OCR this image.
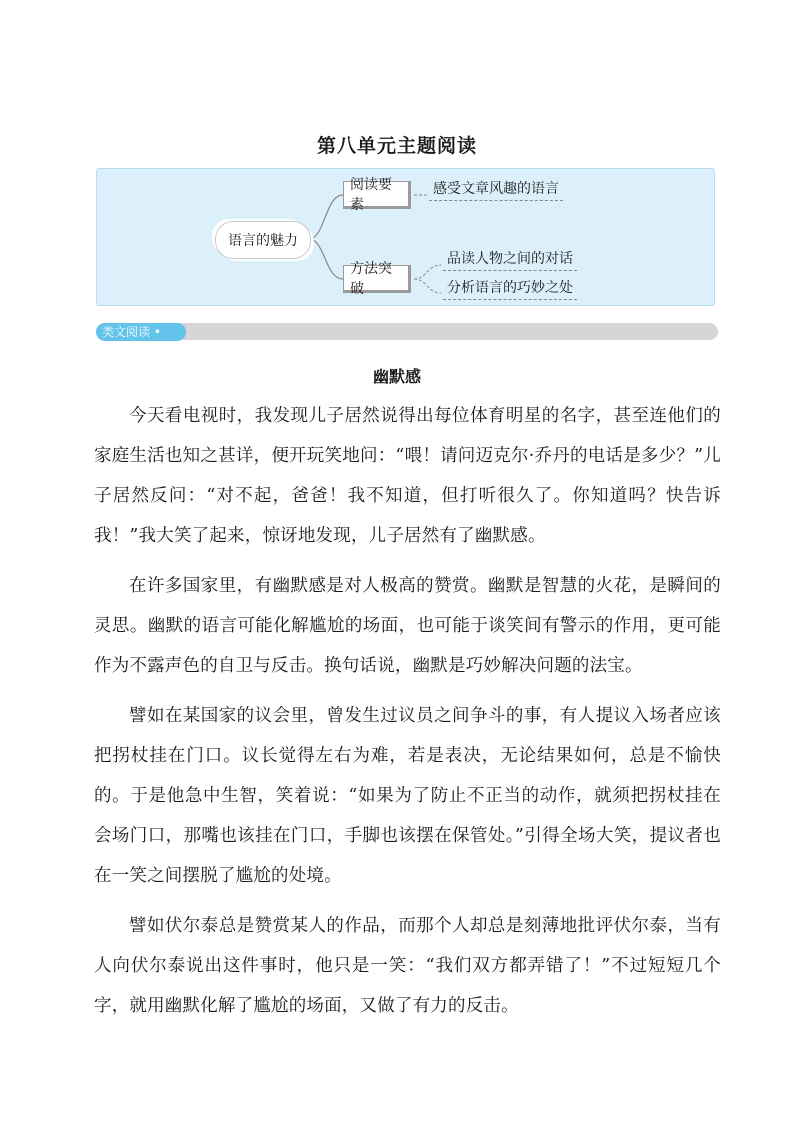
第八单元主题阅读
语言的魅力
阅读要素
方法突破
感受文章风趣的语言
品读人物之间的对话
分析语言的巧妙之处
类文阅读 •
幽默感

今天看电视时，我发现儿子居然说得出每位体育明星的名字，甚至连他们的家庭生活也知之甚详，便开玩笑地问：“喂！请问迈克尔·乔丹的电话是多少？”儿子居然反问：“对不起，爸爸！我不知道，但打听很久了。你知道吗？快告诉我！”我大笑了起来，惊讶地发现，儿子居然有了幽默感。

在许多国家里，有幽默感是对人极高的赞赏。幽默是智慧的火花，是瞬间的灵思。幽默的语言可能化解尴尬的场面，也可能于谈笑间有警示的作用，更可能作为不露声色的自卫与反击。换句话说，幽默是巧妙解决问题的法宝。

譬如在某国家的议会里，曾发生过议员之间争斗的事，有人提议入场者应该把拐杖挂在门口。议长觉得左右为难，若是表决，无论结果如何，总是不愉快的。于是他急中生智，笑着说：“如果为了防止不正当的动作，就须把拐杖挂在会场门口，那嘴也该挂在门口，手脚也该摆在保管处。”引得全场大笑，提议者也在一笑之间摆脱了尴尬的处境。

譬如伏尔泰总是赞赏某人的作品，而那个人却总是刻薄地批评伏尔泰，当有人向伏尔泰说出这件事时，他只是一笑：“我们双方都弄错了！”不过短短几个字，就用幽默化解了尴尬的场面，又做了有力的反击。
